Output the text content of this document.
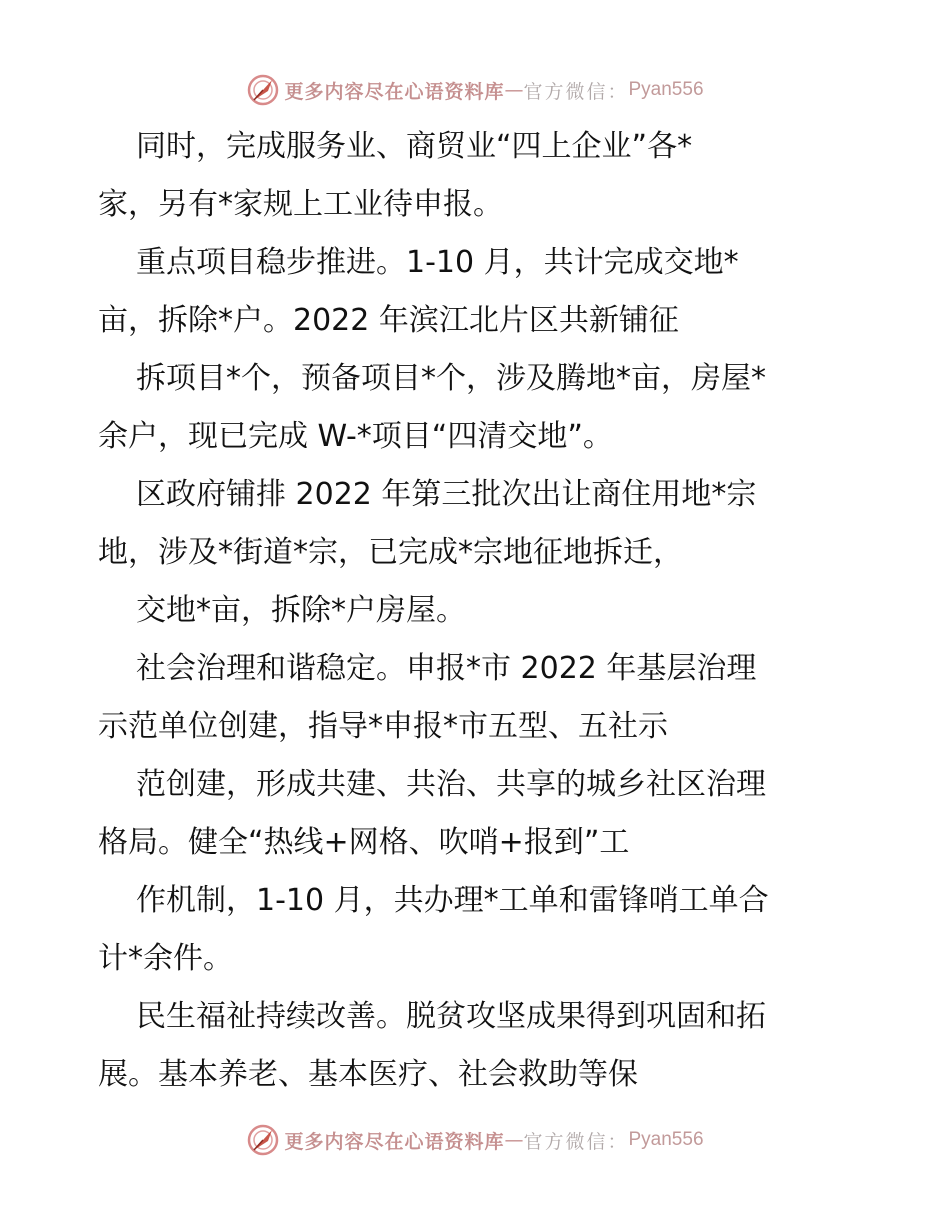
更多内容尽在心语资料库 — 官方微信： Pyan556
同时，完成服务业、商贸业“四上企业”各*
家，另有*家规上工业待申报。
重点项目稳步推进。1-10 月，共计完成交地*
亩，拆除*户。2022 年滨江北片区共新铺征
拆项目*个，预备项目*个，涉及腾地*亩，房屋*
余户，现已完成 W-*项目“四清交地”。
区政府铺排 2022 年第三批次出让商住用地*宗
地，涉及*街道*宗，已完成*宗地征地拆迁，
交地*亩，拆除*户房屋。
社会治理和谐稳定。申报*市 2022 年基层治理
示范单位创建，指导*申报*市五型、五社示
范创建，形成共建、共治、共享的城乡社区治理
格局。健全“热线+网格、吹哨+报到”工
作机制，1-10 月，共办理*工单和雷锋哨工单合
计*余件。
民生福祉持续改善。脱贫攻坚成果得到巩固和拓
展。基本养老、基本医疗、社会救助等保
更多内容尽在心语资料库 — 官方微信： Pyan556
